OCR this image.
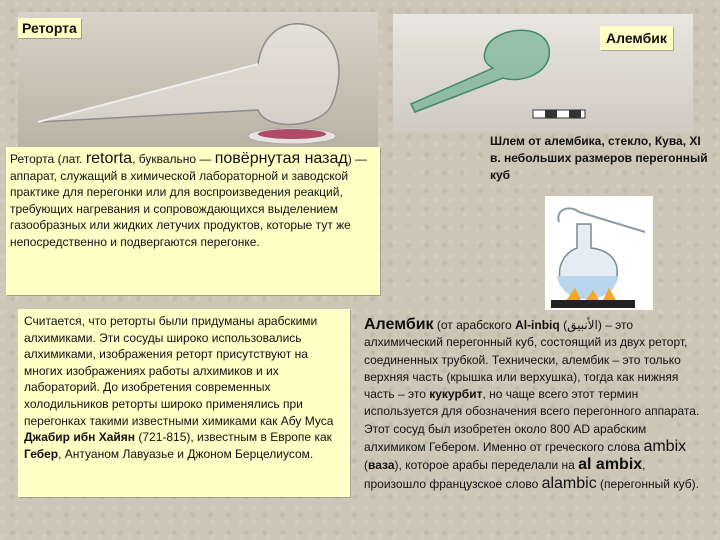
Реторта
Алембик
Реторта (лат. retorta, буквально — повёрнутая назад) — аппарат, служащий в химической лабораторной и заводской практике для перегонки или для воспроизведения реакций, требующих нагревания и сопровождающихся выделением газообразных или жидких летучих продуктов, которые тут же непосредственно и подвергаются перегонке.
Шлем от алембика, стекло, Кува, XI в. небольших размеров перегонный куб
Считается, что реторты были придуманы арабскими алхимиками. Эти сосуды широко использовались алхимиками, изображения реторт присутствуют на многих изображениях работы алхимиков и их лабораторий. До изобретения современных холодильников реторты широко применялись при перегонках такими известными химиками как Абу Муса Джабир ибн Хайян (721-815), известным в Европе как Гебер, Антуаном Лавуазье и Джоном Берцелиусом.
Алембик (от арабского Al-inbiq (الأنبيق) – это алхимический перегонный куб, состоящий из двух реторт, соединенных трубкой. Технически, алембик – это только верхняя часть (крышка или верхушка), тогда как нижняя часть – это кукурбит, но чаще всего этот термин используется для обозначения всего перегонного аппарата. Этот сосуд был изобретен около 800 AD арабским алхимиком Гебером. Именно от греческого слова ambix (ваза), которое арабы переделали на al ambix, произошло французское слово alambic (перегонный куб).
